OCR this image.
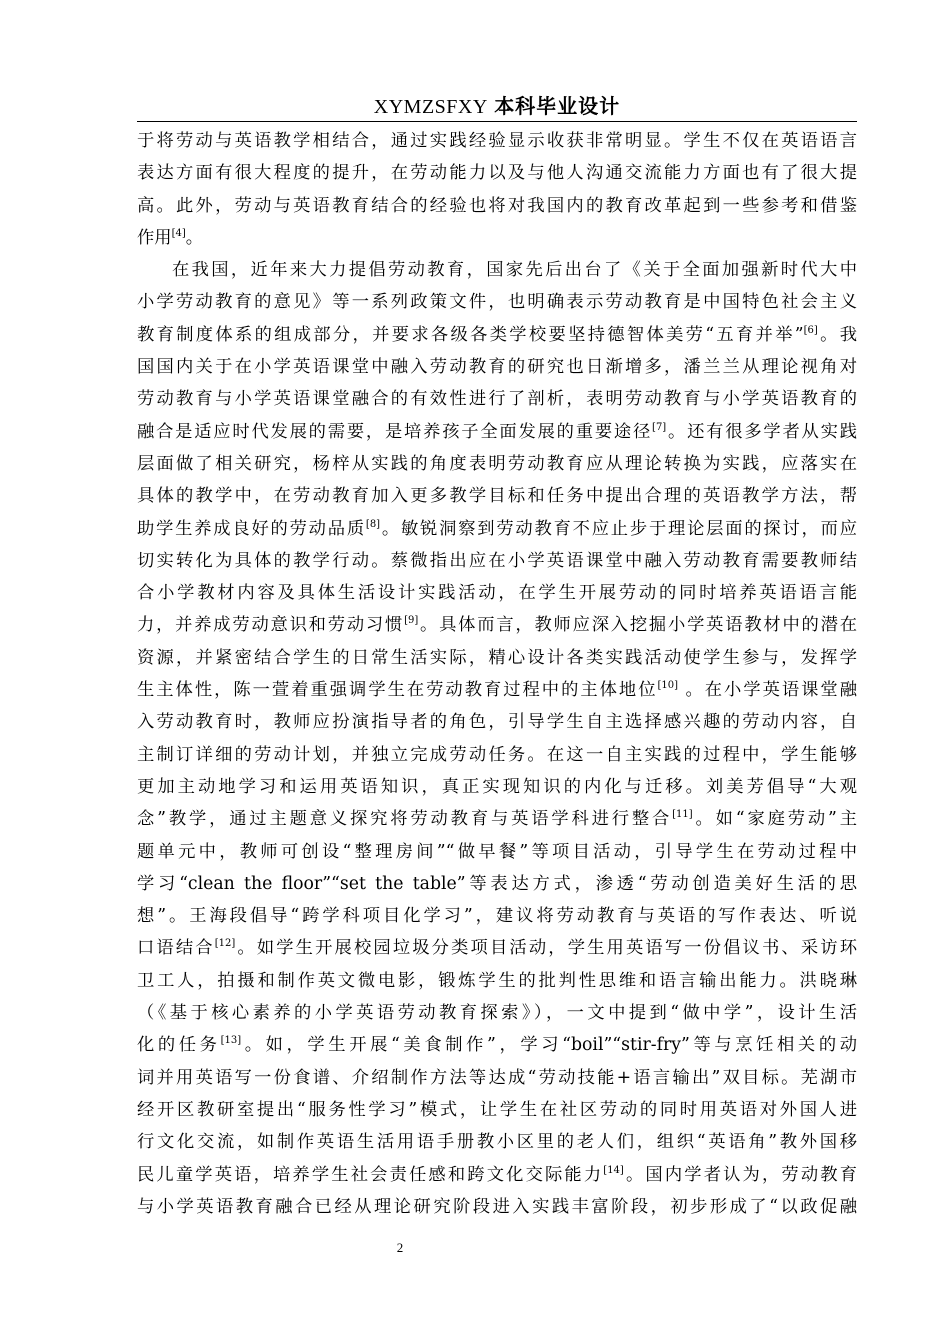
XYMZSFXY 本科毕业设计
于将劳动与英语教学相结合，通过实践经验显示收获非常明显。学生不仅在英语语言
表达方面有很大程度的提升，在劳动能力以及与他人沟通交流能力方面也有了很大提
高。此外，劳动与英语教育结合的经验也将对我国内的教育改革起到一些参考和借鉴
作用[4]。
在我国，近年来大力提倡劳动教育，国家先后出台了《关于全面加强新时代大中
小学劳动教育的意见》等一系列政策文件，也明确表示劳动教育是中国特色社会主义
教育制度体系的组成部分，并要求各级各类学校要坚持德智体美劳“五育并举”[6]。我
国国内关于在小学英语课堂中融入劳动教育的研究也日渐增多，潘兰兰从理论视角对
劳动教育与小学英语课堂融合的有效性进行了剖析，表明劳动教育与小学英语教育的
融合是适应时代发展的需要，是培养孩子全面发展的重要途径[7]。还有很多学者从实践
层面做了相关研究，杨梓从实践的角度表明劳动教育应从理论转换为实践，应落实在
具体的教学中，在劳动教育加入更多教学目标和任务中提出合理的英语教学方法，帮
助学生养成良好的劳动品质[8]。敏锐洞察到劳动教育不应止步于理论层面的探讨，而应
切实转化为具体的教学行动。蔡微指出应在小学英语课堂中融入劳动教育需要教师结
合小学教材内容及具体生活设计实践活动，在学生开展劳动的同时培养英语语言能
力，并养成劳动意识和劳动习惯[9]。具体而言，教师应深入挖掘小学英语教材中的潜在
资源，并紧密结合学生的日常生活实际，精心设计各类实践活动使学生参与，发挥学
生主体性，陈一萱着重强调学生在劳动教育过程中的主体地位[10] 。在小学英语课堂融
入劳动教育时，教师应扮演指导者的角色，引导学生自主选择感兴趣的劳动内容，自
主制订详细的劳动计划，并独立完成劳动任务。在这一自主实践的过程中，学生能够
更加主动地学习和运用英语知识，真正实现知识的内化与迁移。刘美芳倡导“大观
念”教学，通过主题意义探究将劳动教育与英语学科进行整合[11]。如“家庭劳动”主
题单元中，教师可创设“整理房间”“做早餐”等项目活动，引导学生在劳动过程中
学习“clean the floor”“set the table”等表达方式，渗透“劳动创造美好生活的思
想”。王海段倡导“跨学科项目化学习”，建议将劳动教育与英语的写作表达、听说
口语结合[12]。如学生开展校园垃圾分类项目活动，学生用英语写一份倡议书、采访环
卫工人，拍摄和制作英文微电影，锻炼学生的批判性思维和语言输出能力。洪晓琳
（《基于核心素养的小学英语劳动教育探索》），一文中提到“做中学”，设计生活
化的任务[13]。如，学生开展“美食制作”，学习“boil”“stir-fry”等与烹饪相关的动
词并用英语写一份食谱、介绍制作方法等达成“劳动技能+语言输出”双目标。芜湖市
经开区教研室提出“服务性学习”模式，让学生在社区劳动的同时用英语对外国人进
行文化交流，如制作英语生活用语手册教小区里的老人们，组织“英语角”教外国移
民儿童学英语，培养学生社会责任感和跨文化交际能力[14]。国内学者认为，劳动教育
与小学英语教育融合已经从理论研究阶段进入实践丰富阶段，初步形成了“以政促融
2
